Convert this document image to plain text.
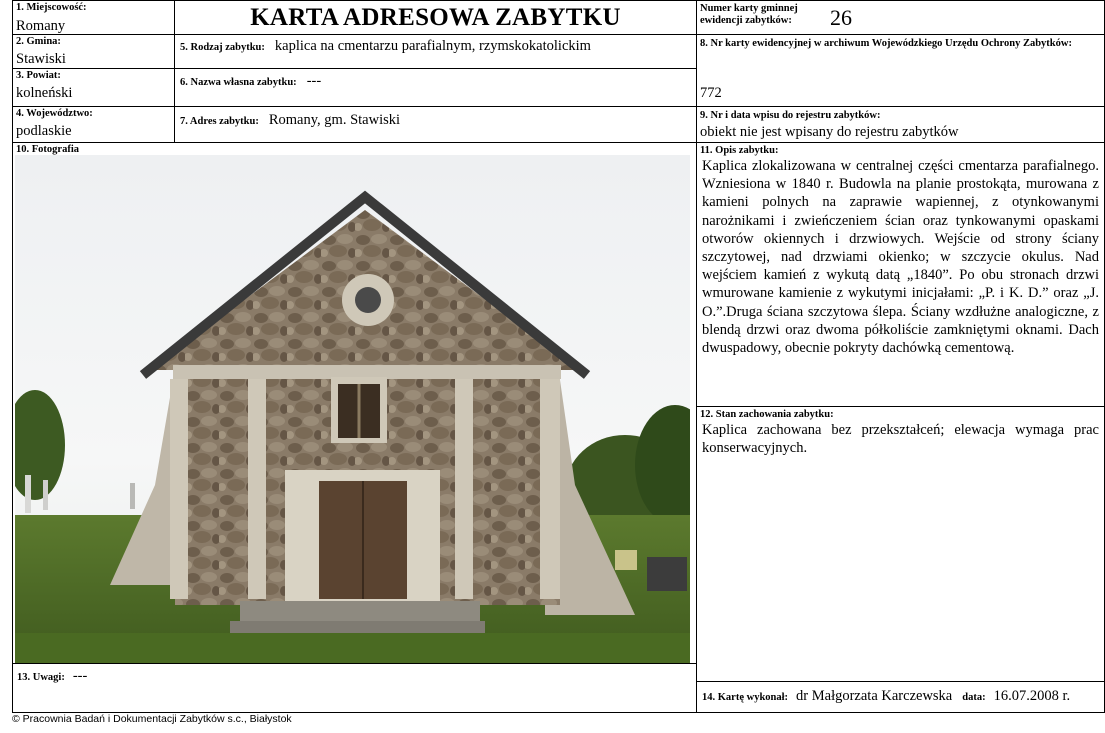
1. Miejscowość:
Romany	KARTA ADRESOWA ZABYTKU	Numer karty gminnej
ewidencji zabytków: 26
2. Gmina:
Stawiski
5. Rodzaj zabytku: kaplica na cmentarzu parafialnym, rzymskokatolickim	8. Nr karty ewidencyjnej w archiwum Wojewódzkiego Urzędu Ochrony Zabytków:
772
3. Powiat:
kolneński
6. Nazwa własna zabytku: ---
4. Województwo:
podlaskie
7. Adres zabytku: Romany, gm. Stawiski	9. Nr i data wpisu do rejestru zabytków:
obiekt nie jest wpisany do rejestru zabytków
10. Fotografia	11. Opis zabytku:
Kaplica zlokalizowana w centralnej części cmentarza parafialnego. Wzniesiona w 1840 r. Budowla na planie prostokąta, murowana z kamieni polnych na zaprawie wapiennej, z otynkowanymi narożnikami i zwieńczeniem ścian oraz tynkowanymi opaskami otworów okiennych i drzwiowych. Wejście od strony ściany szczytowej, nad drzwiami okienko; w szczycie okulus. Nad wejściem kamień z wykutą datą „1840”. Po obu stronach drzwi wmurowane kamienie z wykutymi inicjałami: „P. i K. D.” oraz „J. O.”.Druga ściana szczytowa ślepa. Ściany wzdłużne analogiczne, z blendą drzwi oraz dwoma półkoliście zamkniętymi oknami. Dach dwuspadowy, obecnie pokryty dachówką cementową.
12. Stan zachowania zabytku:
Kaplica zachowana bez przekształceń; elewacja wymaga prac konserwacyjnych.
13. Uwagi: ---
14. Kartę wykonał: dr Małgorzata Karczewska data: 16.07.2008 r.
© Pracownia Badań i Dokumentacji Zabytków s.c., Białystok
